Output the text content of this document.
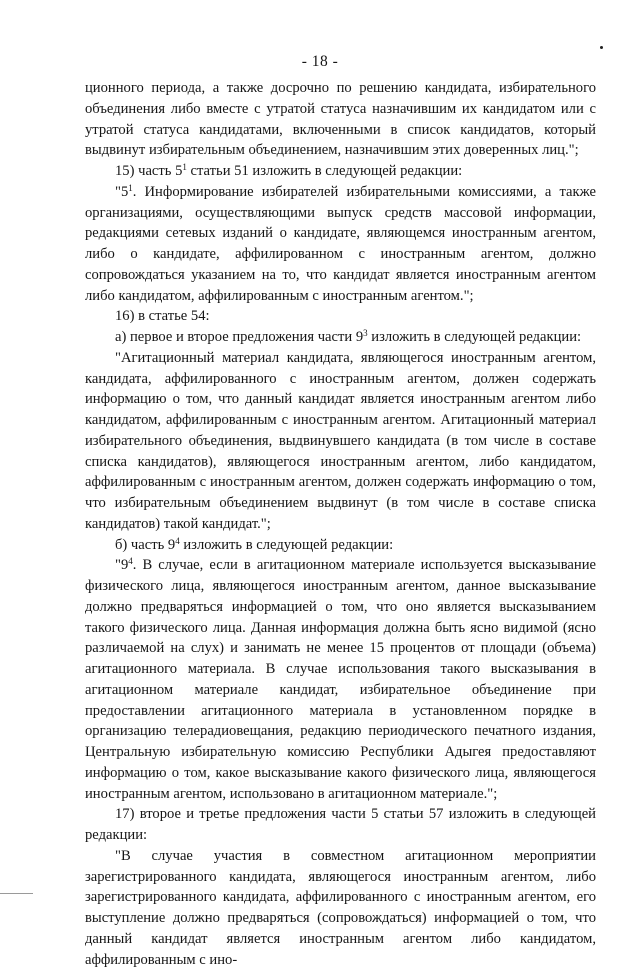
- 18 -

ционного периода, а также досрочно по решению кандидата, избирательного объединения либо вместе с утратой статуса назначившим их кандидатом или с утратой статуса кандидатами, включенными в список кандидатов, который выдвинут избирательным объединением, назначившим этих доверенных лиц.";

15) часть $5^1$ статьи 51 изложить в следующей редакции:

"$5^1$. Информирование избирателей избирательными комиссиями, а также организациями, осуществляющими выпуск средств массовой информации, редакциями сетевых изданий о кандидате, являющемся иностранным агентом, либо о кандидате, аффилированном с иностранным агентом, должно сопровождаться указанием на то, что кандидат является иностранным агентом либо кандидатом, аффилированным с иностранным агентом.";

16) в статье 54:

а) первое и второе предложения части $9^3$ изложить в следующей редакции:

"Агитационный материал кандидата, являющегося иностранным агентом, кандидата, аффилированного с иностранным агентом, должен содержать информацию о том, что данный кандидат является иностранным агентом либо кандидатом, аффилированным с иностранным агентом. Агитационный материал избирательного объединения, выдвинувшего кандидата (в том числе в составе списка кандидатов), являющегося иностранным агентом, либо кандидатом, аффилированным с иностранным агентом, должен содержать информацию о том, что избирательным объединением выдвинут (в том числе в составе списка кандидатов) такой кандидат.";

б) часть $9^4$ изложить в следующей редакции:

"$9^4$. В случае, если в агитационном материале используется высказывание физического лица, являющегося иностранным агентом, данное высказывание должно предваряться информацией о том, что оно является высказыванием такого физического лица. Данная информация должна быть ясно видимой (ясно различаемой на слух) и занимать не менее 15 процентов от площади (объема) агитационного материала. В случае использования такого высказывания в агитационном материале кандидат, избирательное объединение при предоставлении агитационного материала в установленном порядке в организацию телерадиовещания, редакцию периодического печатного издания, Центральную избирательную комиссию Республики Адыгея предоставляют информацию о том, какое высказывание какого физического лица, являющегося иностранным агентом, использовано в агитационном материале.";

17) второе и третье предложения части 5 статьи 57 изложить в следующей редакции:

"В случае участия в совместном агитационном мероприятии зарегистрированного кандидата, являющегося иностранным агентом, либо зарегистрированного кандидата, аффилированного с иностранным агентом, его выступление должно предваряться (сопровождаться) информацией о том, что данный кандидат является иностранным агентом либо кандидатом, аффилированным с ино-
